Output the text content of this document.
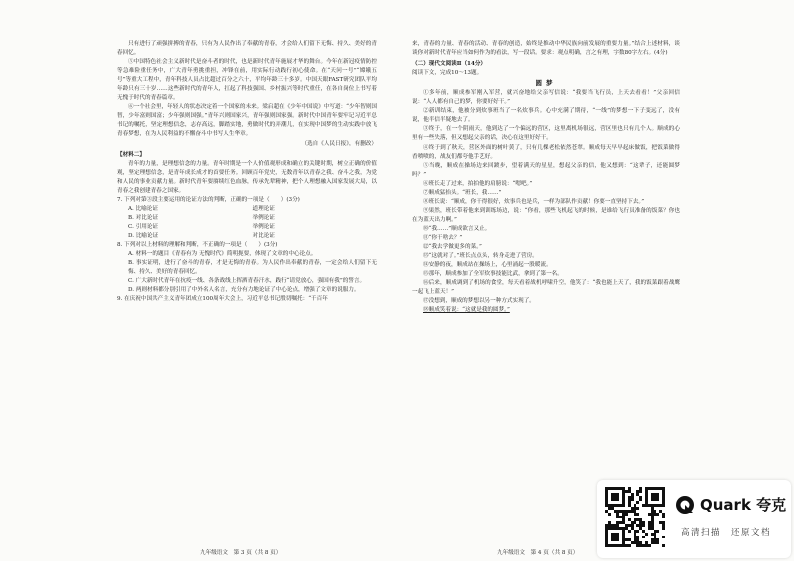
只有进行了顽强拼搏的青春，只有为人民作出了奉献的青春，才会给人们留下无悔、持久、美好的青春回忆。

⑤中国特色社会主义新时代是奋斗者的时代，也是新时代青年施展才华的舞台。今年在新冠疫情防控等急难险重任务中，广大青年勇挑重担，冲锋在前，用实际行动践行初心使命。在“天问一号”“嫦娥五号”等重大工程中，青年科技人员占比超过百分之六十，平均年龄三十多岁。中国天眼FAST研究团队平均年龄只有三十岁……这些新时代的青年人，扛起了科技强国、乡村振兴等时代重任，在各自岗位上书写着无愧于时代的青春篇章。

⑥一个社会里，年轻人的状态决定着一个国家的未来。梁启超在《少年中国说》中写道：“少年智则国智，少年富则国富；少年强则国强。”青年兴则国家兴，青年强则国家强。新时代中国青年要牢记习近平总书记的嘱托，坚定理想信念，志存高远，脚踏实地，勇做时代的弄潮儿，在实现中国梦的生动实践中放飞青春梦想，在为人民利益的不懈奋斗中书写人生华章。

（选自《人民日报》，有删改）

【材料二】

青年的力量，是理想信念的力量。青年时期是一个人价值观形成和确立的关键时期，树立正确的价值观，坚定理想信念，是青年成长成才的首要任务。回顾百年党史，无数青年以青春之我、奋斗之我，为党和人民的事业贡献力量。新时代青年要赓续红色血脉，传承先辈精神，把个人理想融入国家发展大局，以青春之我创建青春之国家。

7. 下列对第③段主要运用的论证方法的判断，正确的一项是（　　）(3分)

A. 比喻论证	道理论证

B. 对比论证	举例论证

C. 引用论证	举例论证

D. 比喻论证	对比论证

8. 下列对以上材料的理解和判断，不正确的一项是（　　）(3分)

A. 材料一的题目《青春有为 无愧时代》简明扼要，体现了文章的中心论点。

B. 事实证明，进行了奋斗的青春，才是无悔的青春。为人民作出奉献的青春，一定会给人们留下无悔、持久、美好的青春回忆。

C. 广大新时代青年在抗疫一线、各条战线上挥洒青春汗水，践行“请党放心，强国有我”的誓言。

D. 两则材料都分别引用了中外名人名言，充分有力地论证了中心论点，增强了文章的说服力。

9. 在庆祝中国共产主义青年团成立100周年大会上，习近平总书记殷切嘱托：“千百年

九年级语文　第 3 页（共 8 页）

来，青春的力量、青春的活动、青春的创造，始终是推动中华民族向前发展的重要力量。”结合上述材料，谈谈你对新时代青年应当如何作为的看法，写一段话。要求：观点明确，言之有理，字数80字左右。(4分)

（二）现代文阅读Ⅱ（14分）

阅读下文，完成10～13题。

圆梦

①多年前，顺成参军刚入军营，就兴奋地给父亲写信说：“我要当飞行员，上天去看看！”父亲回信说：“人人都有自己的梦，你要好好干。”

②新训结束，他被分到炊事班当了一名炊事兵。心中充满了期待，“一线”的梦想一下子变远了，没有说，他半信半疑地去了。

③终于，在一个阴雨天，他到达了一个偏远的营区，这里离机场很远，营区里也只有几个人。顺成的心里有一些失落，但又想起父亲的话，决心在这里好好干。

④终于到了秋天，营区外面的树叶黄了，只有几棵老松依然苍翠。顺成每天早早起床做饭，把饭菜做得香喷喷的，战友们都夸他手艺好。

⑤当晚，顺成在操场边来回踱步，望着满天的星星，想起父亲的信，他又想到：“这辈子，还能圆梦吗？”

⑥班长走了过来，拍拍他的肩膀说：“嗯吧。”

⑦顺成猛抬头。“班长，我……”

⑧班长说：“顺成，你干得很好，炊事兵也是兵，一样为部队作贡献！你要一直坚持下去。”

⑨果然，班长带着他来到训练场边，说：“你看，那些飞机起飞的时候，是谁给飞行员准备的饭菜？你也在为蓝天出力啊。”

⑩“我……”顺成欲言又止。

⑪“你干啥去？”

⑫“我去学做更多的菜。”

⑬“这就对了。”班长点点头，转身走进了营房。

⑭安静的夜，顺成站在操场上，心里涌起一股暖流。

⑮那年，顺成参加了全军炊事技能比武，拿到了第一名。

⑯后来，顺成调到了机场的食堂，每天看着战机呼啸升空，他笑了：“我也能上天了，我的饭菜跟着战鹰一起飞上蓝天！”

⑰没想到，顺成的梦想以另一种方式实现了。

⑱顺成笑着说：“这就是我的圆梦。”

九年级语文　第 4 页（共 8 页）
Quark 夸克
高清扫描　还原文档
